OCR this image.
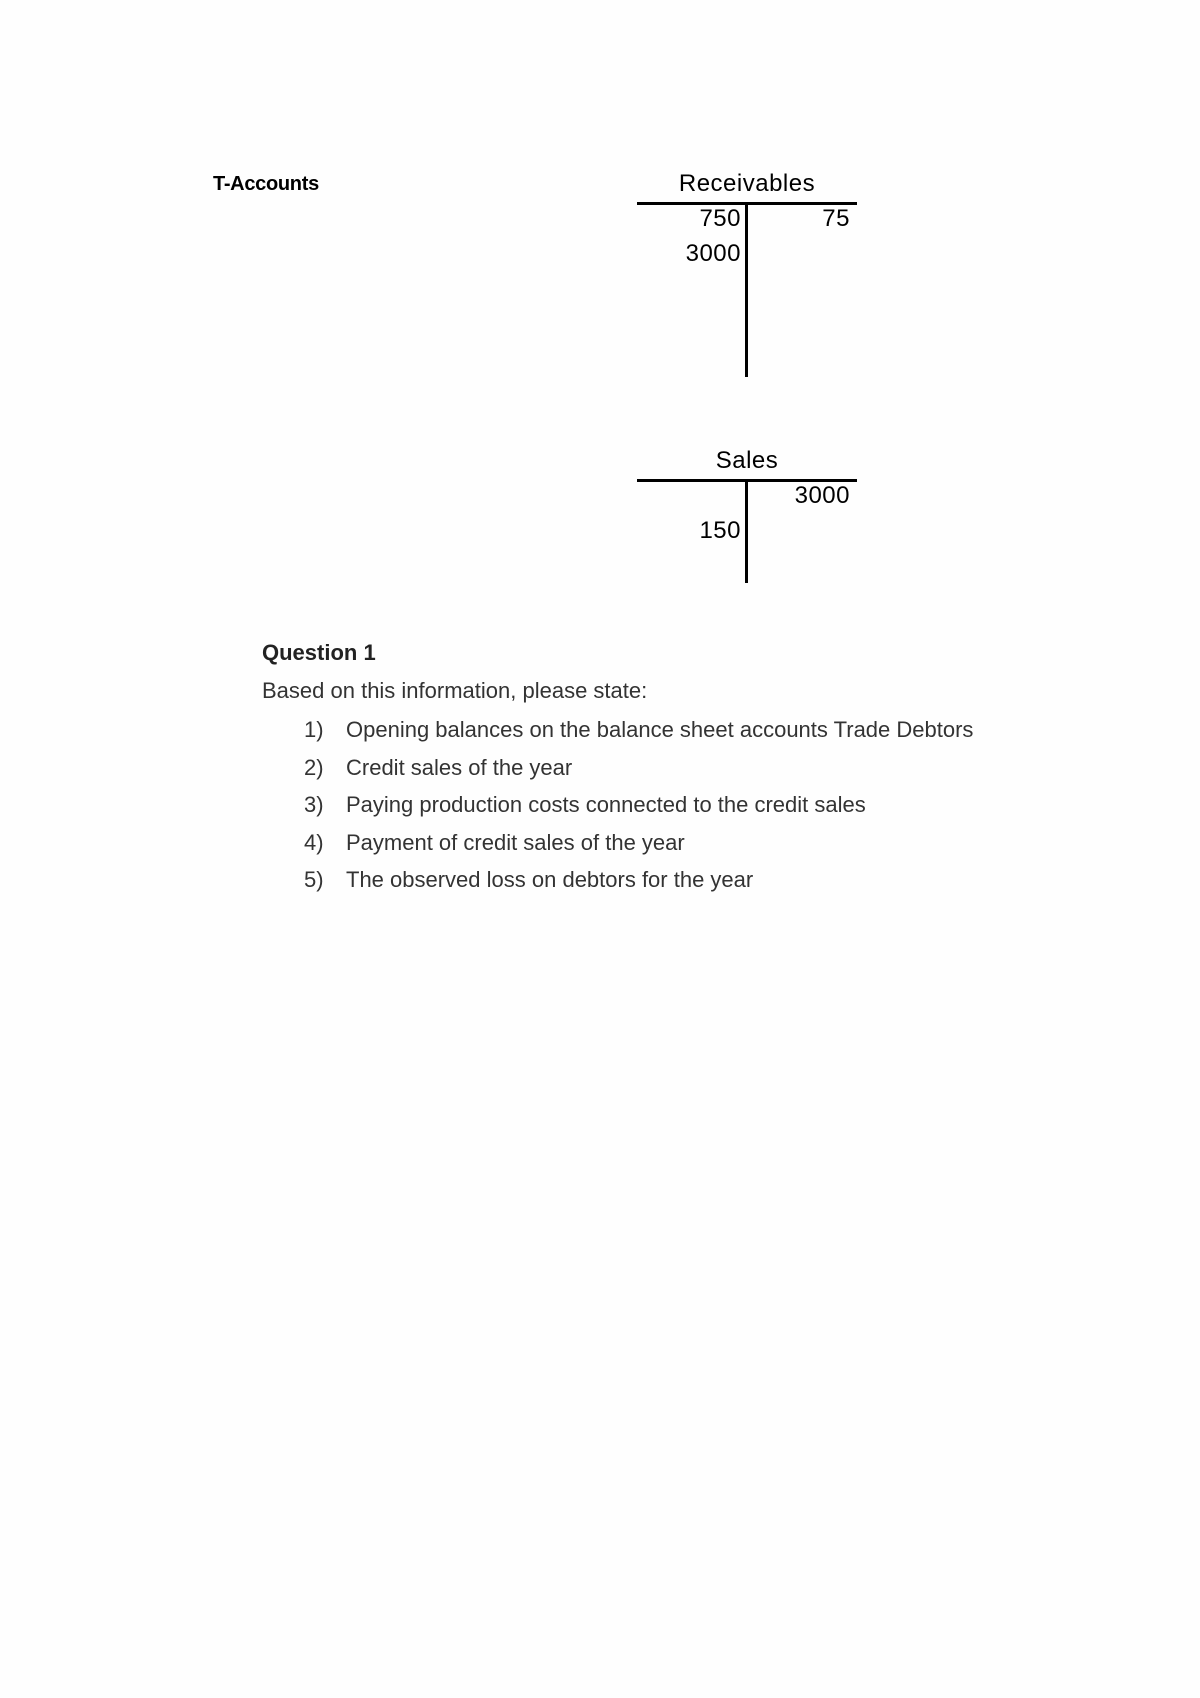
T-Accounts	Receivables
750
3000
75
Sales
3000
150
Question 1
Based on this information, please state:
1) Opening balances on the balance sheet accounts Trade Debtors
2) Credit sales of the year
3) Paying production costs connected to the credit sales
4) Payment of credit sales of the year
5) The observed loss on debtors for the year
